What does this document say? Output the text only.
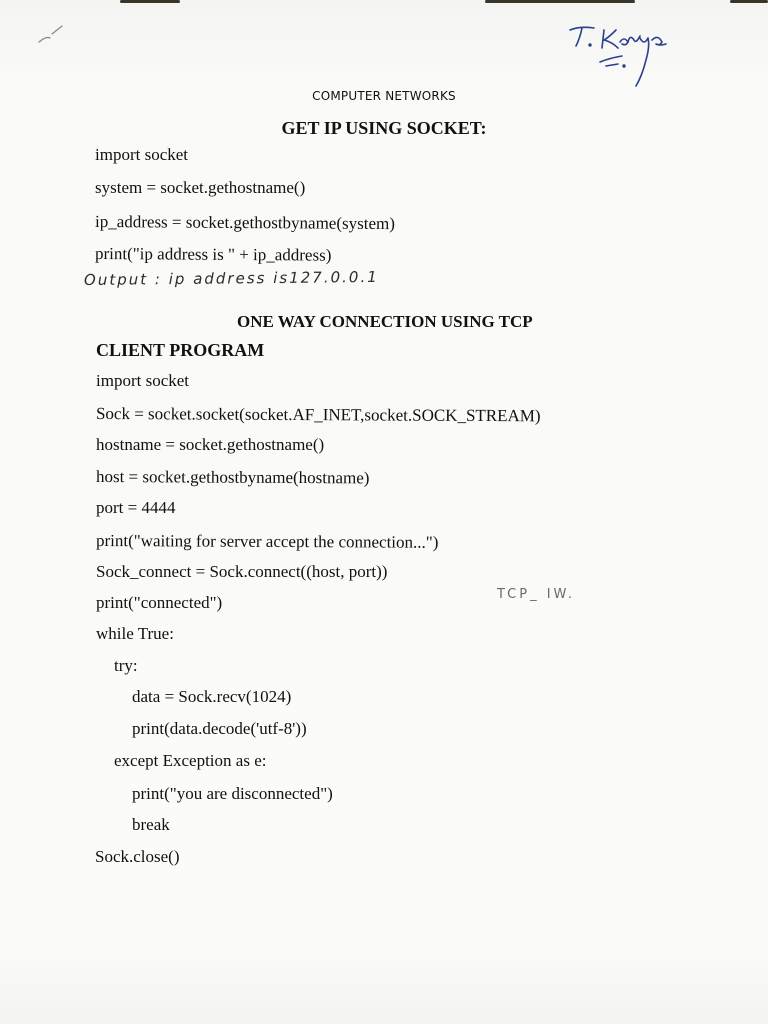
COMPUTER NETWORKS
GET IP USING SOCKET:
import socket
system = socket.gethostname()
ip_address = socket.gethostbyname(system)
print("ip address is " + ip_address)
Output : ip address is127.0.0.1
ONE WAY CONNECTION USING TCP
CLIENT PROGRAM
import socket
Sock = socket.socket(socket.AF_INET,socket.SOCK_STREAM)
hostname = socket.gethostname()
host = socket.gethostbyname(hostname)
port = 4444
print("waiting for server accept the connection...")
Sock_connect = Sock.connect((host, port))
print("connected")
while True:
try:
data = Sock.recv(1024)
print(data.decode('utf-8'))
except Exception as e:
print("you are disconnected")
break
Sock.close()
TCP_ IW.
